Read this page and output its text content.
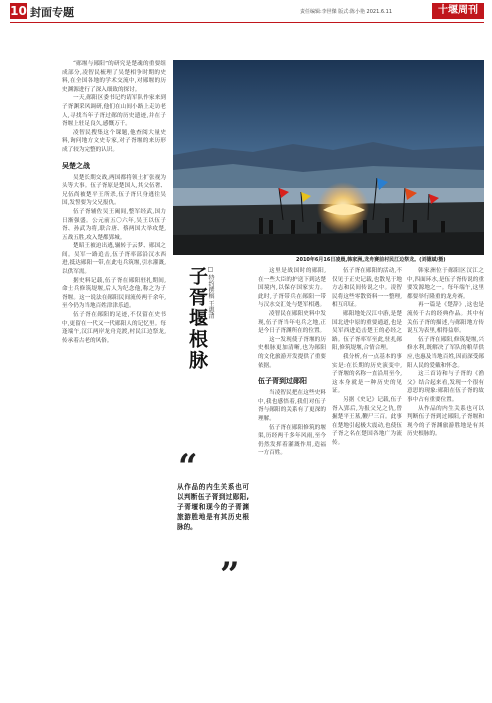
10 封面专题	责任编辑:李世傑 版式:陈小艳 2021.6.11	十堰周刊

“郧堰与郧阳”的研究是楚魂的重要组成部分,凌智民梳理了吴楚相争时期的史料,在全国各地的学术交流中,对郧堰的历史渊源进行了深入细致的探讨。

一天,郧阳区委书记约请军队作家来到子胥渊采风调研,他们在山间小路上走访老人,寻找当年子胥过郧的历史遗迹,并在子胥堰上驻足良久,感慨万千。

凌智民搜集这个课题,他查阅大量史料,询问地方文史专家,对子胥堰的来历形成了较为完整的认识。

吴楚之战

吴楚长期交战,两国都将领土扩张视为头等大事。伍子胥原是楚国人,其父伍奢、兄伍尚被楚平王所杀,伍子胥只身逃往吴国,发誓要为父兄报仇。

伍子胥辅佐吴王阖闾,整军经武,国力日渐强盛。公元前五〇六年,吴王以伍子胥、孙武为将,联合唐、蔡两国大举攻楚,五战五胜,攻入楚都郢城。

楚昭王被迫出逃,辗转于云梦、郧国之间。吴军一路追击,伍子胥率部沿汉水西进,抵达郧阳一带,在此屯兵筑堰,引水灌溉,以供军需。

据史料记载,伍子胥在郧阳驻扎期间,命士兵修筑堤堰,后人为纪念他,称之为子胥堰。这一说法在郧阳民间流传两千余年,至今仍为当地百姓津津乐道。

伍子胥在郧阳的足迹,不仅留在史书中,更留在一代又一代郧阳人的记忆里。每逢端午,汉江两岸龙舟竞渡,村民江边祭龙,传承着古老的风俗。

2010年6月16日凌晨,韩家洲,龙舟赛前村民江边祭龙。(刘德斌/摄)
子胥堰根脉 □ 特约撰稿 王惠清
“
从作品的内生关系也可以判断伍子胥到过郧阳,子胥堰和现今的子胥渊旅游胜地是有其历史根脉的。
”

这里是战国时的郧阳,在一些大臣的护送下到达楚国境内,以保存国家实力。此时,子胥带兵在郧阳一带与汉水交汇处与楚军相遇。

凌智民在郧阳史料中发现,伍子胥当年屯兵之地,正是今日子胥渊所在的位置。

这一发现使子胥堰的历史根脉更加清晰,也为郧阳的文化旅游开发提供了重要依据。

伍子胥到过郧阳

当凌智民把在这些史料中,我也感悟着,我们对伍子胥与郧阳的关系有了更深的理解。

伍子胥在郧阳修筑的堰渠,历经两千多年风雨,至今仍然发挥着灌溉作用,造福一方百姓。

伍子胥在郧阳的活动,不仅见于正史记载,也散见于地方志和民间传说之中。凌智民将这些零散资料一一整理,相互印证。

郧阳地处汉江中游,是楚国北进中原的重要通道,也是吴军西进追击楚王的必经之路。伍子胥率军至此,驻扎郧阳,修筑堤堰,合情合理。

我分析,有一点基本的事实是:在长期的历史演变中,子胥堰的名称一直沿用至今,这本身就是一种历史的见证。

另据《史记》记载,伍子胥入郢后,为报父兄之仇,曾掘楚平王墓,鞭尸三百。此事在楚地引起极大震动,也使伍子胥之名在楚国各地广为流传。

韩家洲位于郧阳区汉江之中,四面环水,是伍子胥传说的重要发源地之一。每年端午,这里都要举行隆重的龙舟赛。

再一篇是《楚辞》,这也是流传千古的经典作品。其中有关伍子胥的描述,与郧阳地方传说互为表里,相得益彰。

伍子胥在郧阳,修筑堤堰,兴修水利,既解决了军队的粮草供应,也惠及当地百姓,因而深受郧阳人民的爱戴和怀念。

这三首诗和与子胥的《渔父》结合起来看,发现一个很有意思的现象:郧阳在伍子胥的故事中占有重要位置。

从作品的内生关系也可以判断伍子胥到过郧阳,子胥堰和现今的子胥渊旅游胜地是有其历史根脉的。
